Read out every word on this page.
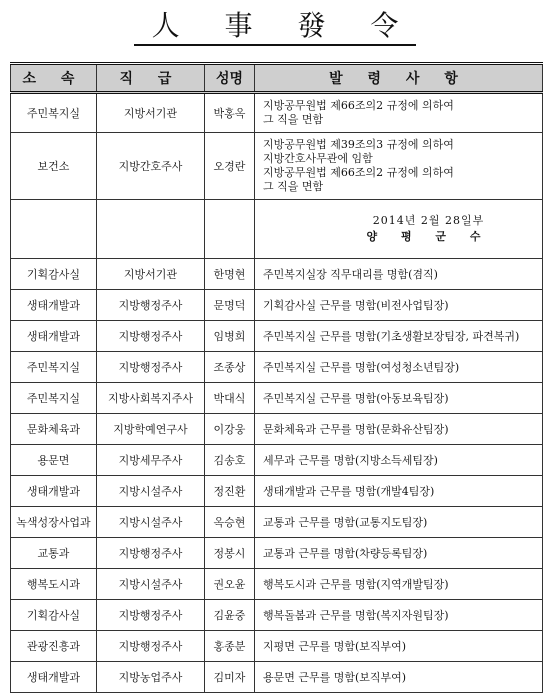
人 事 發 令
소 속	직 급	성명	발 령 사 항
주민복지실	지방서기관	박홍옥	지방공무원법 제66조의2 규정에 의하여
그 직을 면함

보건소	지방간호주사	오경란	지방공무원법 제39조의3 규정에 의하여
지방간호사무관에 임함
지방공무원법 제66조의2 규정에 의하여
그 직을 면함

			2014년 2월 28일부
양 평 군 수

기획감사실	지방서기관	한명현	주민복지실장 직무대리를 명함(겸직)
생태개발과	지방행정주사	문명덕	기획감사실 근무를 명함(비전사업팀장)
생태개발과	지방행정주사	임병희	주민복지실 근무를 명함(기초생활보장팀장, 파견복귀)
주민복지실	지방행정주사	조종상	주민복지실 근무를 명함(여성청소년팀장)
주민복지실	지방사회복지주사	박대식	주민복지실 근무를 명함(아동보육팀장)
문화체육과	지방학예연구사	이강웅	문화체육과 근무를 명함(문화유산팀장)
용문면	지방세무주사	김송호	세무과 근무를 명함(지방소득세팀장)
생태개발과	지방시설주사	정진환	생태개발과 근무를 명함(개발4팀장)
녹색성장사업과	지방시설주사	옥승현	교통과 근무를 명함(교통지도팀장)
교통과	지방행정주사	정봉시	교통과 근무를 명함(차량등록팀장)
행복도시과	지방시설주사	권오윤	행복도시과 근무를 명함(지역개발팀장)
기획감사실	지방행정주사	김윤중	행복돌봄과 근무를 명함(복지자원팀장)
관광진흥과	지방행정주사	홍종분	지평면 근무를 명함(보직부여)
생태개발과	지방농업주사	김미자	용문면 근무를 명함(보직부여)
